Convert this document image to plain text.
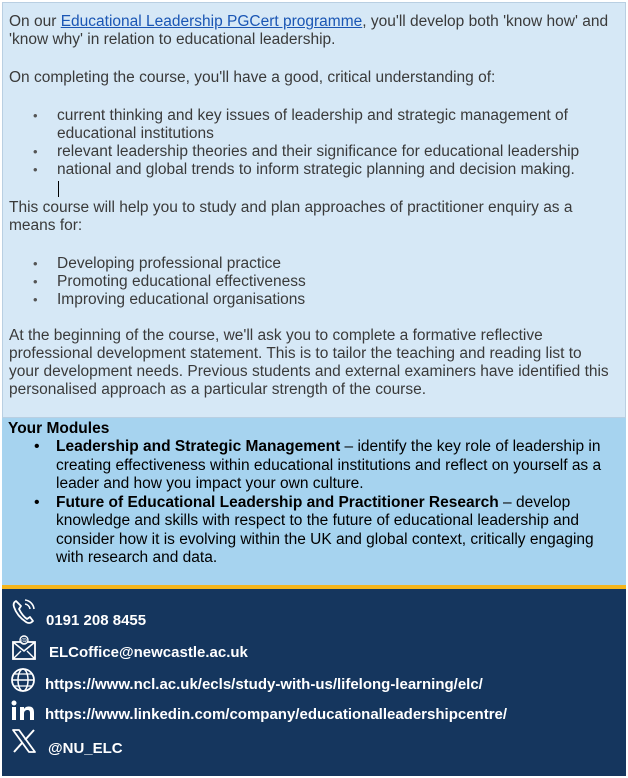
On our Educational Leadership PGCert programme, you'll develop both 'know how' and 'know why' in relation to educational leadership.

On completing the course, you'll have a good, critical understanding of:

• current thinking and key issues of leadership and strategic management of educational institutions
• relevant leadership theories and their significance for educational leadership
• national and global trends to inform strategic planning and decision making.

This course will help you to study and plan approaches of practitioner enquiry as a means for:

• Developing professional practice
• Promoting educational effectiveness
• Improving educational organisations

At the beginning of the course, we'll ask you to complete a formative reflective professional development statement. This is to tailor the teaching and reading list to your development needs. Previous students and external examiners have identified this personalised approach as a particular strength of the course.

Your Modules
• Leadership and Strategic Management – identify the key role of leadership in creating effectiveness within educational institutions and reflect on yourself as a leader and how you impact your own culture.
• Future of Educational Leadership and Practitioner Research – develop knowledge and skills with respect to the future of educational leadership and consider how it is evolving within the UK and global context, critically engaging with research and data.
0191 208 8455
@
ELCoffice@newcastle.ac.uk
https://www.ncl.ac.uk/ecls/study-with-us/lifelong-learning/elc/
https://www.linkedin.com/company/educationalleadershipcentre/
@NU_ELC
